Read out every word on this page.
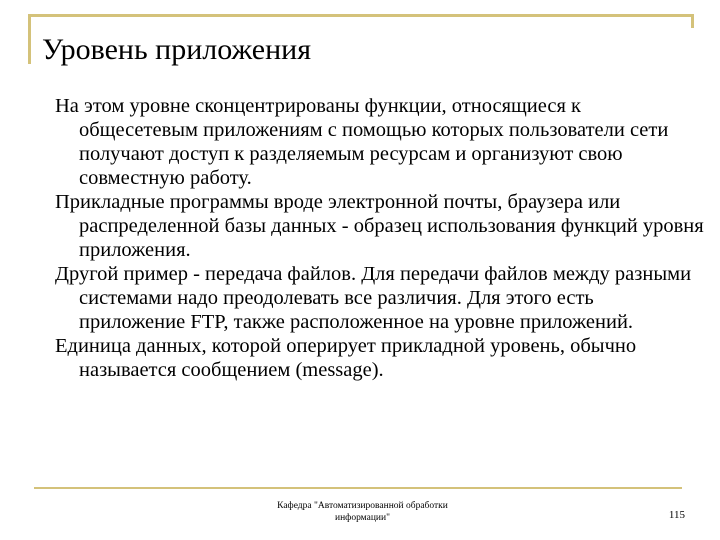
Уровень приложения

На этом уровне сконцентрированы функции, относящиеся к общесетевым приложениям с помощью которых пользователи сети получают доступ к разделяемым ресурсам и организуют свою совместную работу.

Прикладные программы вроде электронной почты, браузера или распределенной базы данных - образец использования функций уровня приложения.

Другой пример - передача файлов. Для передачи файлов между разными системами надо преодолевать все различия. Для этого есть приложение FTP, также расположенное на уровне приложений.

Единица данных, которой оперирует прикладной уровень, обычно называется сообщением (message).

Кафедра "Автоматизированной обработки
информации"	115
